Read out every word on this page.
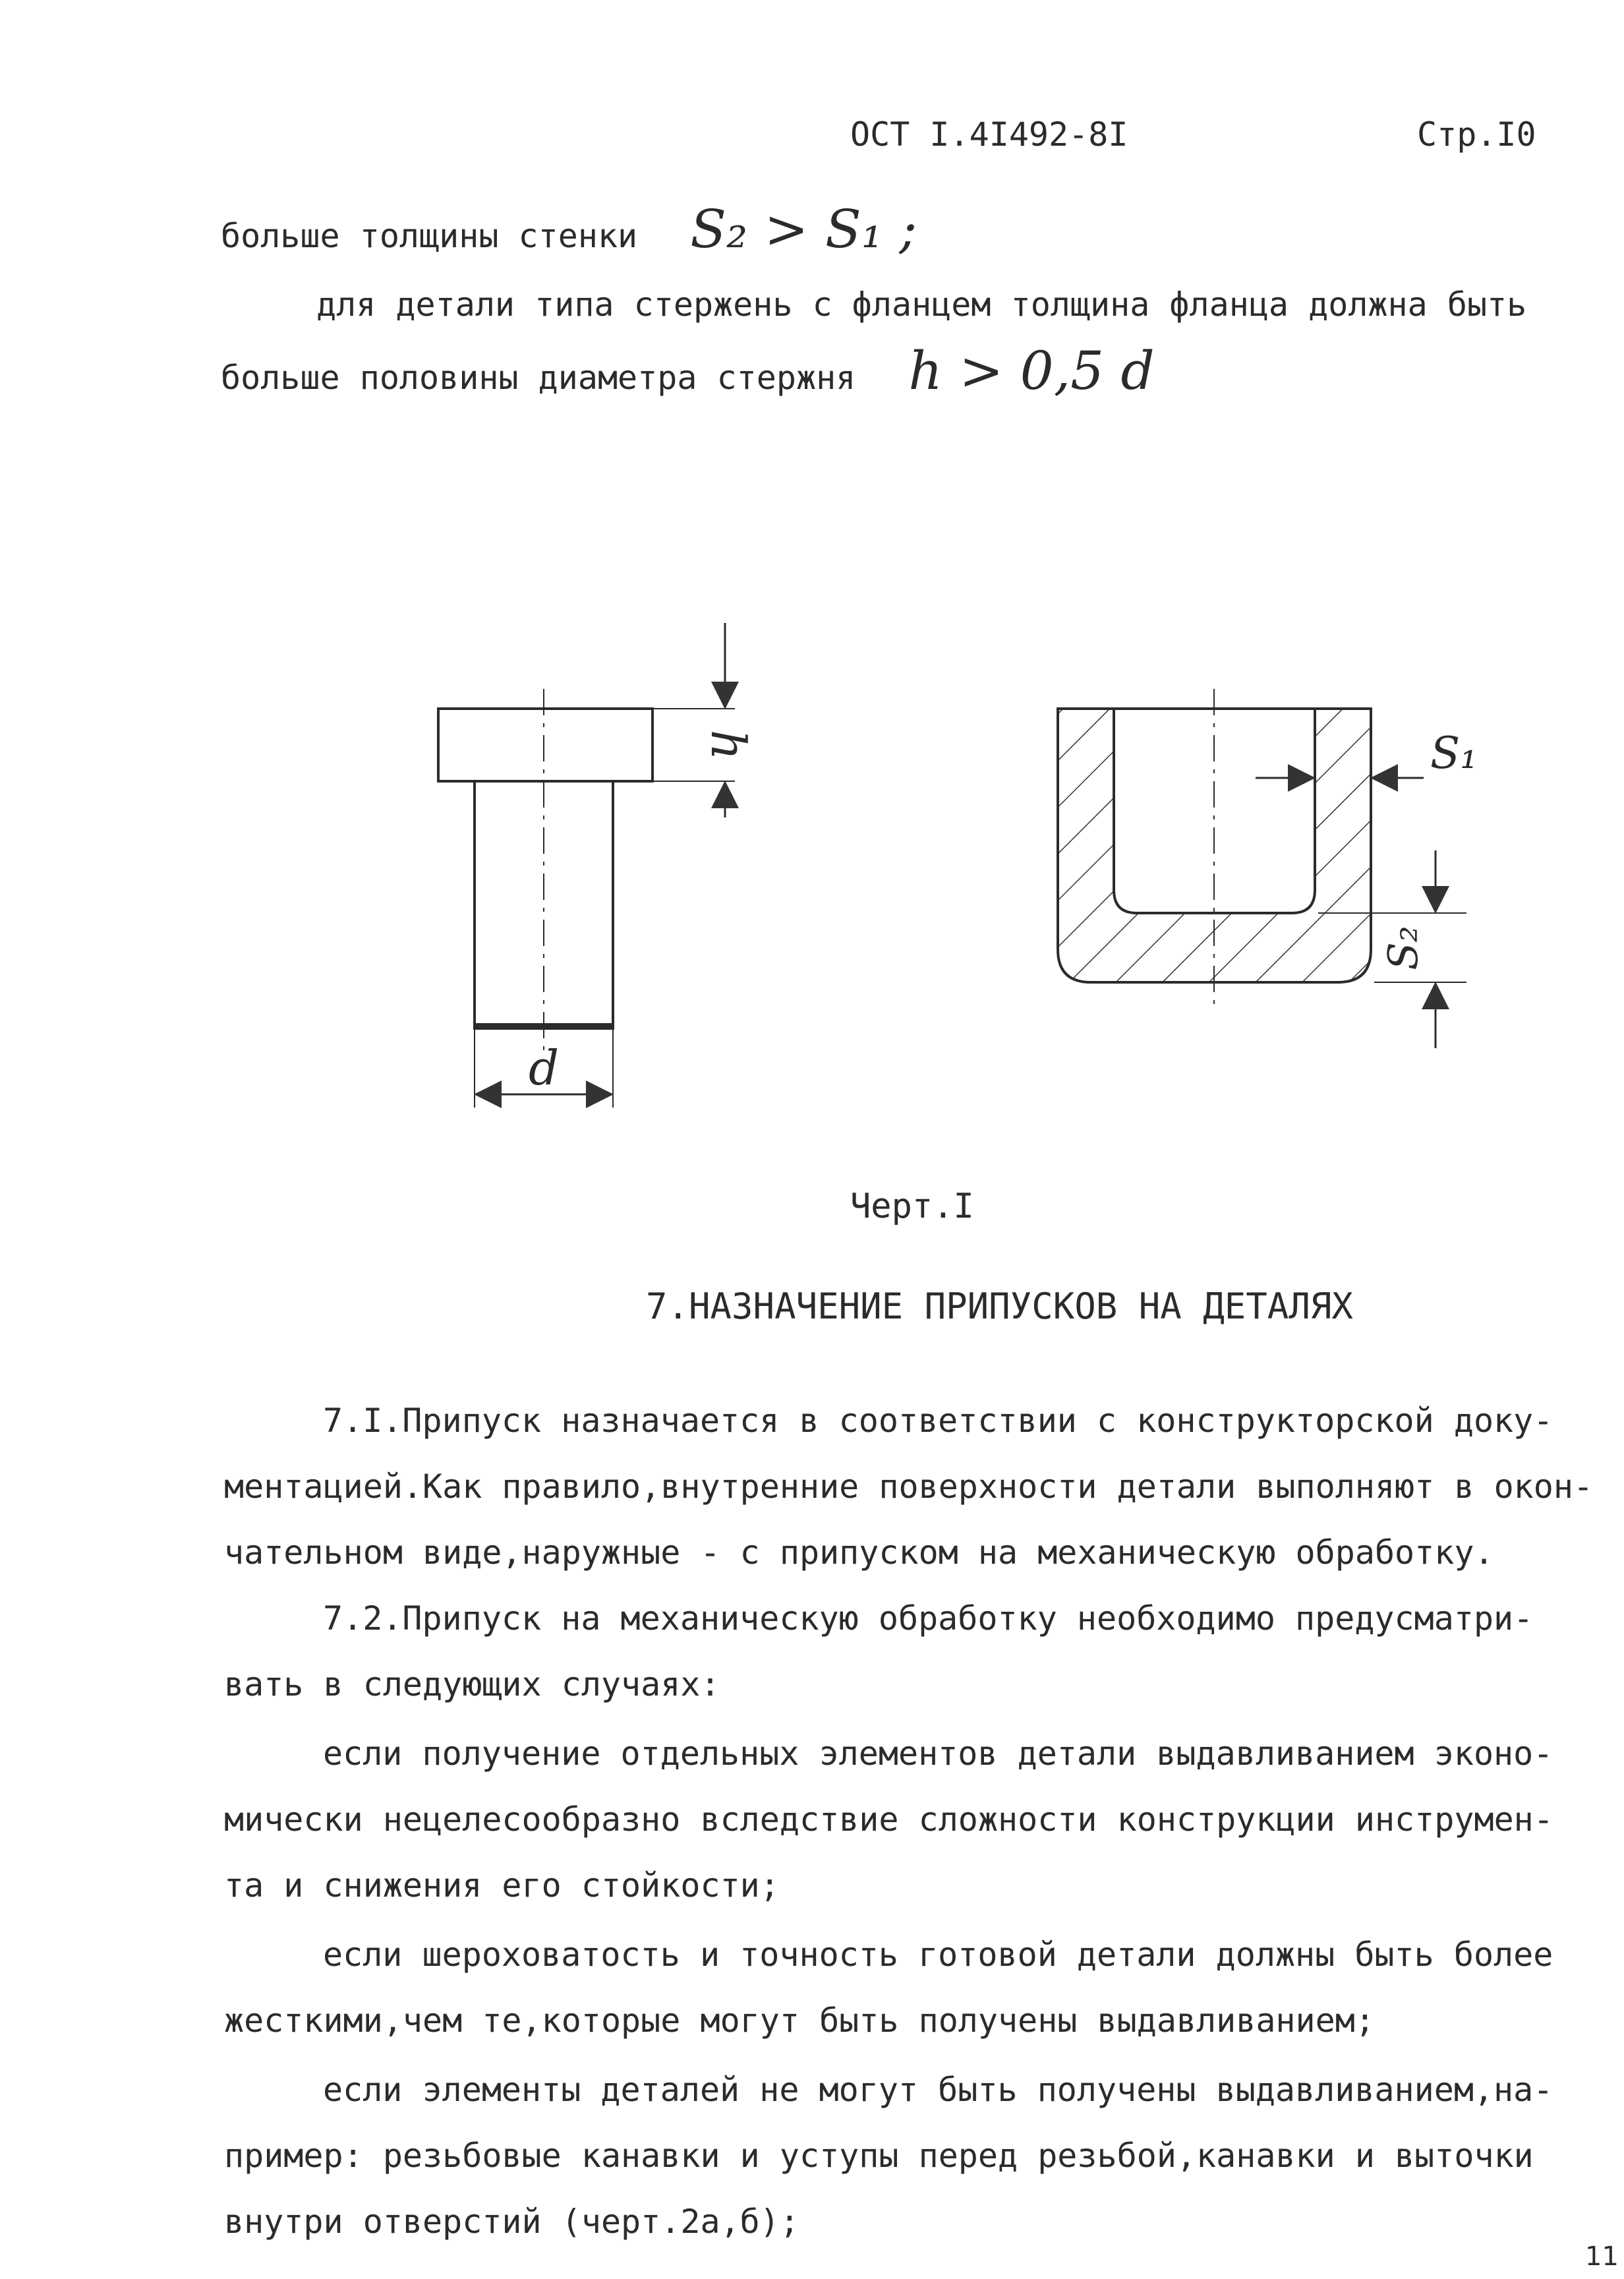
ОСТ I.4I492-8I	Стр.I0
больше толщины стенки S₂ > S₁ ;
для детали типа стержень с фланцем толщина фланца должна быть
больше половины диаметра стержня h > 0,5 d
h
d
S₁
S₂
Черт.I
7.НАЗНАЧЕНИЕ ПРИПУСКОВ НА ДЕТАЛЯХ
7.I.Припуск назначается в соответствии с конструкторской доку-
ментацией.Как правило,внутренние поверхности детали выполняют в окон-
чательном виде,наружные - с припуском на механическую обработку.
7.2.Припуск на механическую обработку необходимо предусматри-
вать в следующих случаях:
если получение отдельных элементов детали выдавливанием эконо-
мически нецелесообразно вследствие сложности конструкции инструмен-
та и снижения его стойкости;
если шероховатость и точность готовой детали должны быть более
жесткими,чем те,которые могут быть получены выдавливанием;
если элементы деталей не могут быть получены выдавливанием,на-
пример: резьбовые канавки и уступы перед резьбой,канавки и выточки
внутри отверстий (черт.2а,б);
11
